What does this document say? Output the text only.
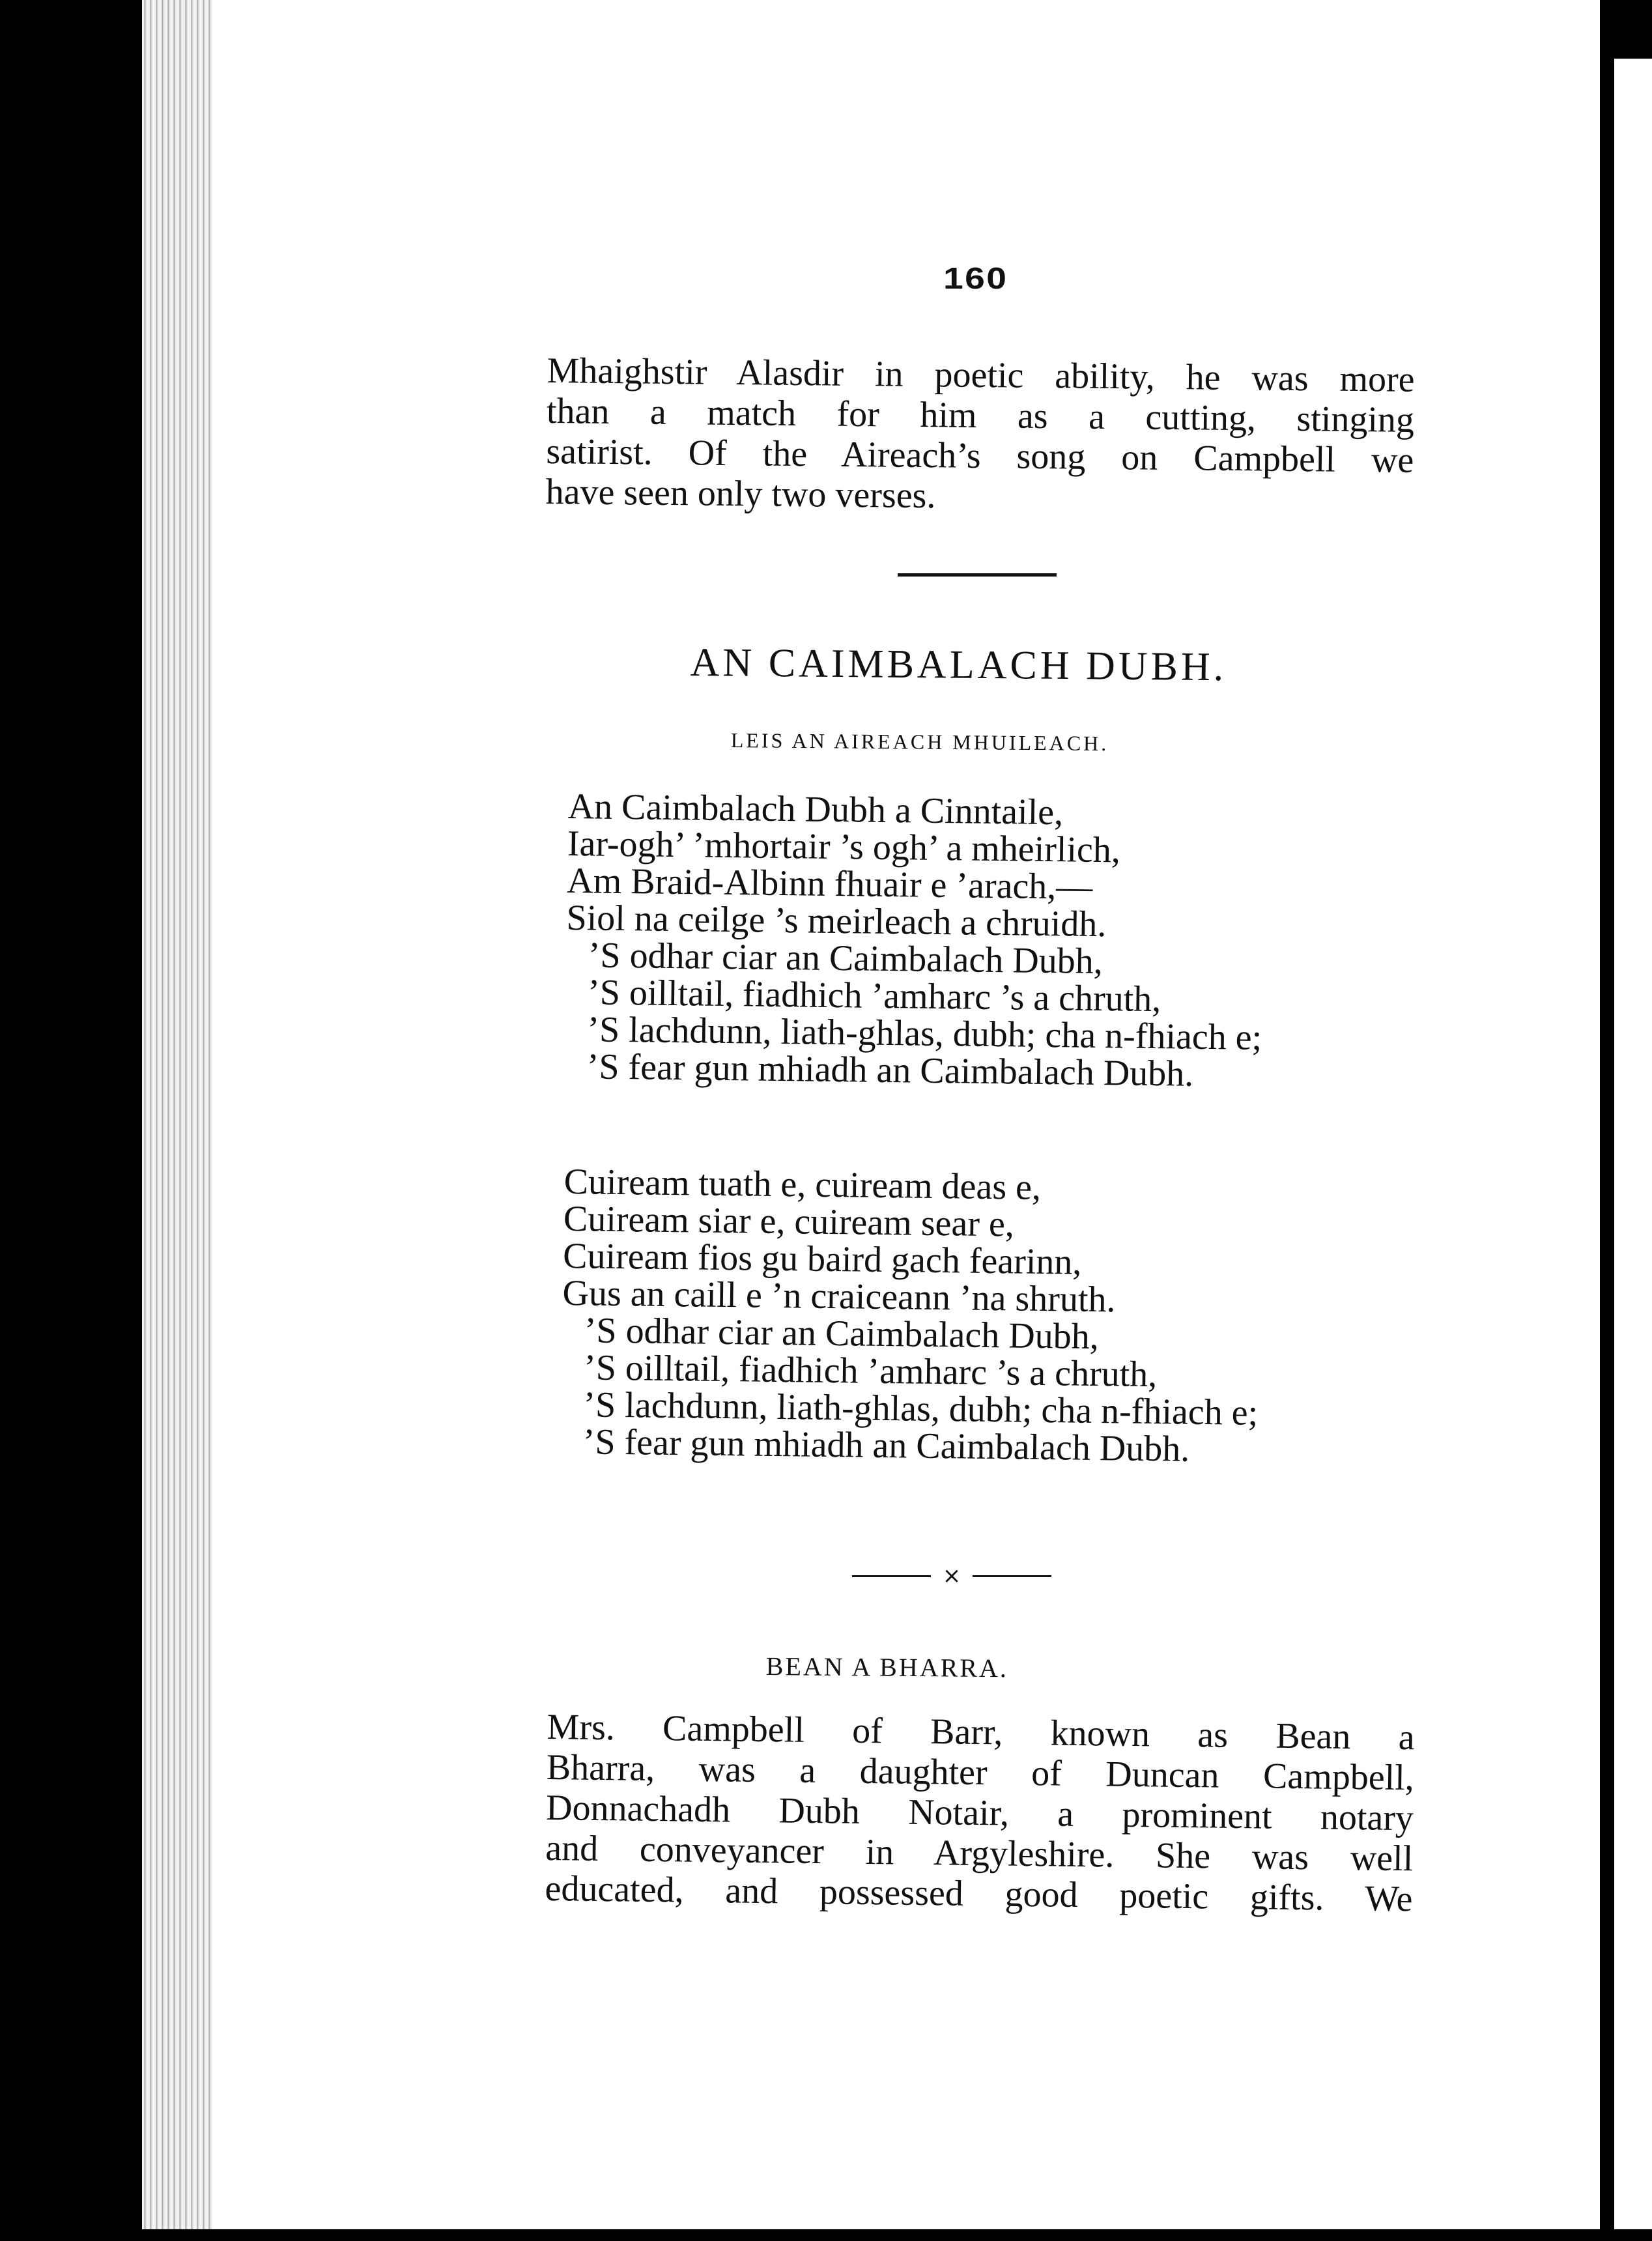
160
Mhaighstir Alasdir in poetic ability, he was more
than a match for him as a cutting, stinging
satirist. Of the Aireach’s song on Campbell we
have seen only two verses.
AN CAIMBALACH DUBH.
LEIS AN AIREACH MHUILEACH.
An Caimbalach Dubh a Cinntaile,
Iar-ogh’ ’mhortair ’s ogh’ a mheirlich,
Am Braid-Albinn fhuair e ’arach,—
Siol na ceilge ’s meirleach a chruidh.
’S odhar ciar an Caimbalach Dubh,
’S oilltail, fiadhich ’amharc ’s a chruth,
’S lachdunn, liath-ghlas, dubh; cha n-fhiach e;
’S fear gun mhiadh an Caimbalach Dubh.
Cuiream tuath e, cuiream deas e,
Cuiream siar e, cuiream sear e,
Cuiream fios gu baird gach fearinn,
Gus an caill e ’n craiceann ’na shruth.
’S odhar ciar an Caimbalach Dubh,
’S oilltail, fiadhich ’amharc ’s a chruth,
’S lachdunn, liath-ghlas, dubh; cha n-fhiach e;
’S fear gun mhiadh an Caimbalach Dubh.
×
BEAN A BHARRA.
Mrs. Campbell of Barr, known as Bean a
Bharra, was a daughter of Duncan Campbell,
Donnachadh Dubh Notair, a prominent notary
and conveyancer in Argyleshire. She was well
educated, and possessed good poetic gifts. We
